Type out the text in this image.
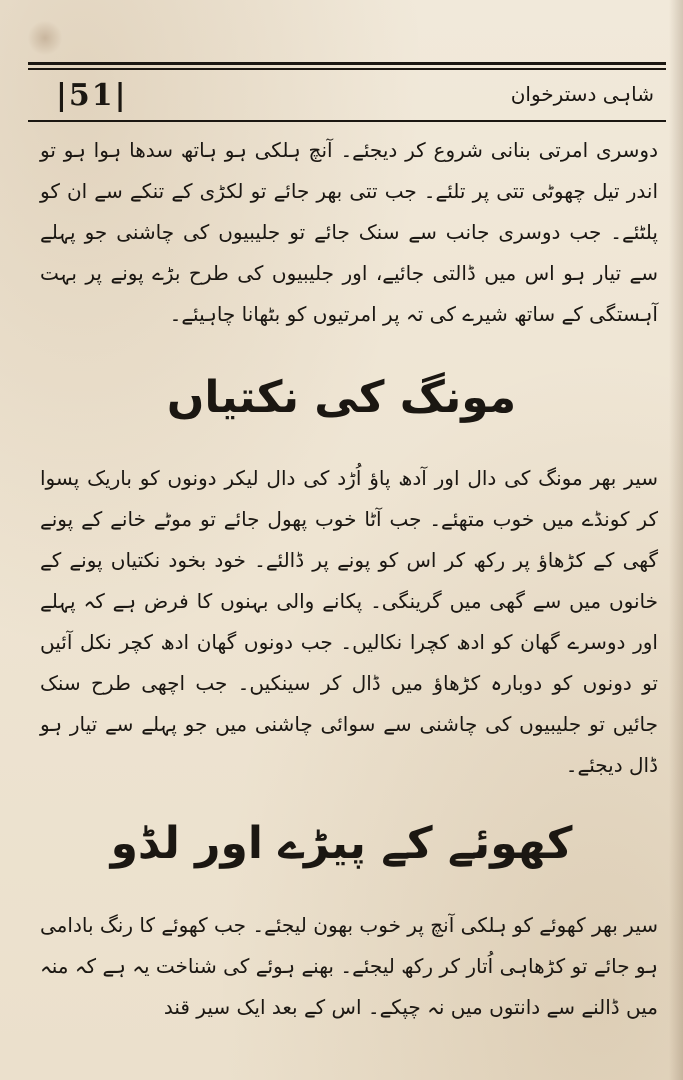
|51|	شاہی دسترخوان
دوسری امرتی بنانی شروع کر دیجئے۔ آنچ ہلکی ہو ہاتھ سدھا ہوا ہو تو اندر تیل چھوٹی تتی پر تلئے۔ جب تتی بھر جائے تو لکڑی کے تنکے سے ان کو پلٹئے۔ جب دوسری جانب سے سنک جائے تو جلیبیوں کی چاشنی جو پہلے سے تیار ہو اس میں ڈالتی جائیے، اور جلیبیوں کی طرح بڑے پونے پر بہت آہستگی کے ساتھ شیرے کی تہ پر امرتیوں کو بٹھانا چاہیئے۔
مونگ کی نکتیاں
سیر بھر مونگ کی دال اور آدھ پاؤ اُڑد کی دال لیکر دونوں کو باریک پسوا کر کونڈے میں خوب متھئے۔ جب آٹا خوب پھول جائے تو موٹے خانے کے پونے گھی کے کڑھاؤ پر رکھ کر اس کو پونے پر ڈالئے۔ خود بخود نکتیاں پونے کے خانوں میں سے گھی میں گرینگی۔ پکانے والی بہنوں کا فرض ہے کہ پہلے اور دوسرے گھان کو ادھ کچرا نکالیں۔ جب دونوں گھان ادھ کچر نکل آئیں تو دونوں کو دوبارہ کڑھاؤ میں ڈال کر سینکیں۔ جب اچھی طرح سنک جائیں تو جلیبیوں کی چاشنی سے سوائی چاشنی میں جو پہلے سے تیار ہو ڈال دیجئے۔
کھوئے کے پیڑے اور لڈو
سیر بھر کھوئے کو ہلکی آنچ پر خوب بھون لیجئے۔ جب کھوئے کا رنگ بادامی ہو جائے تو کڑھاہی اُتار کر رکھ لیجئے۔ بھنے ہوئے کی شناخت یہ ہے کہ منہ میں ڈالنے سے دانتوں میں نہ چپکے۔ اس کے بعد ایک سیر قند
